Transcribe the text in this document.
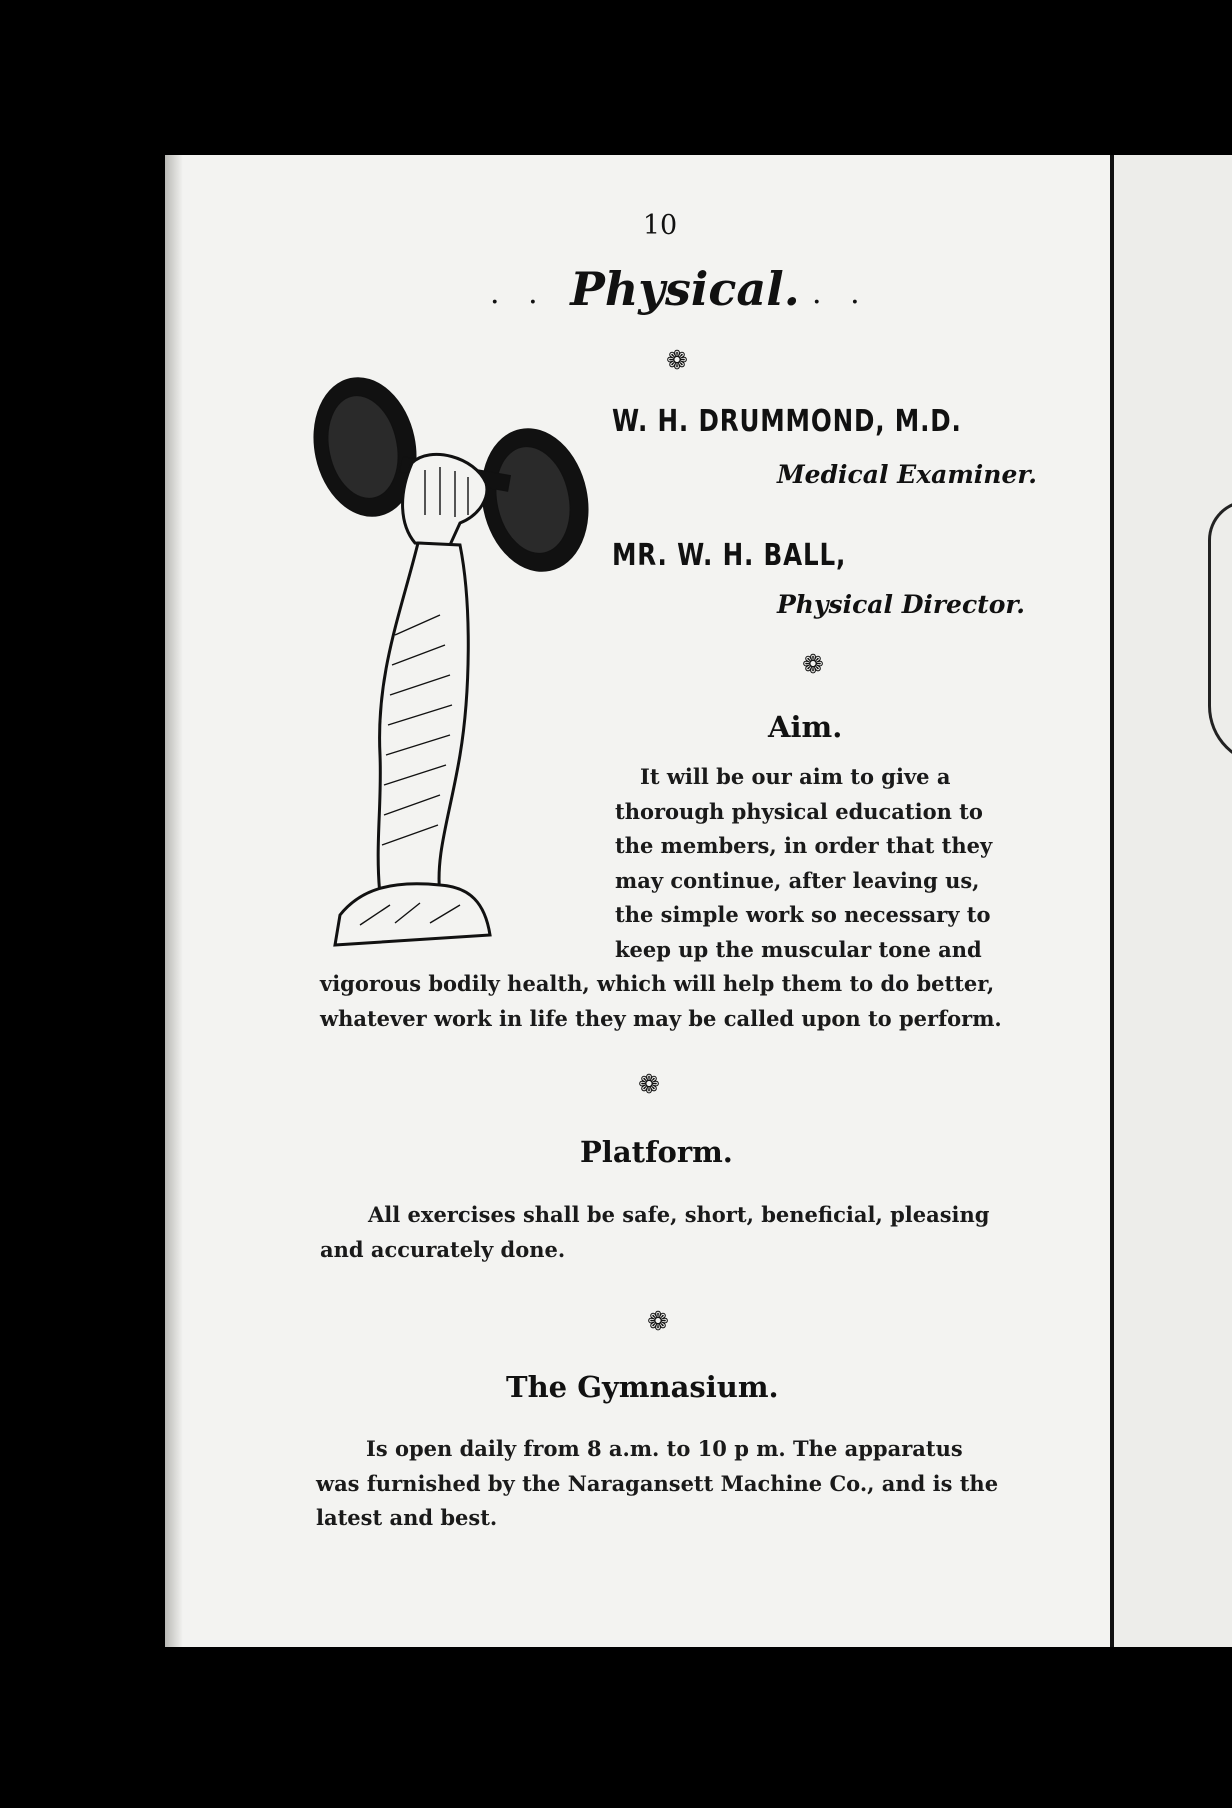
10
·   · Physical. ·   ·
❁
W. H. DRUMMOND, M.D.
Medical Examiner.
MR. W. H. BALL,
Physical Director.
❁
Aim.
It will be our aim to give a
thorough physical education to
the members, in order that they
may continue, after leaving us,
the simple work so necessary to
keep up the muscular tone and
vigorous bodily health, which will help them to do better,
whatever work in life they may be called upon to perform.
❁
Platform.
All exercises shall be safe, short, beneficial, pleasing
and accurately done.
❁
The Gymnasium.
Is open daily from 8 a.m. to 10 p m. The apparatus
was furnished by the Naragansett Machine Co., and is the
latest and best.
